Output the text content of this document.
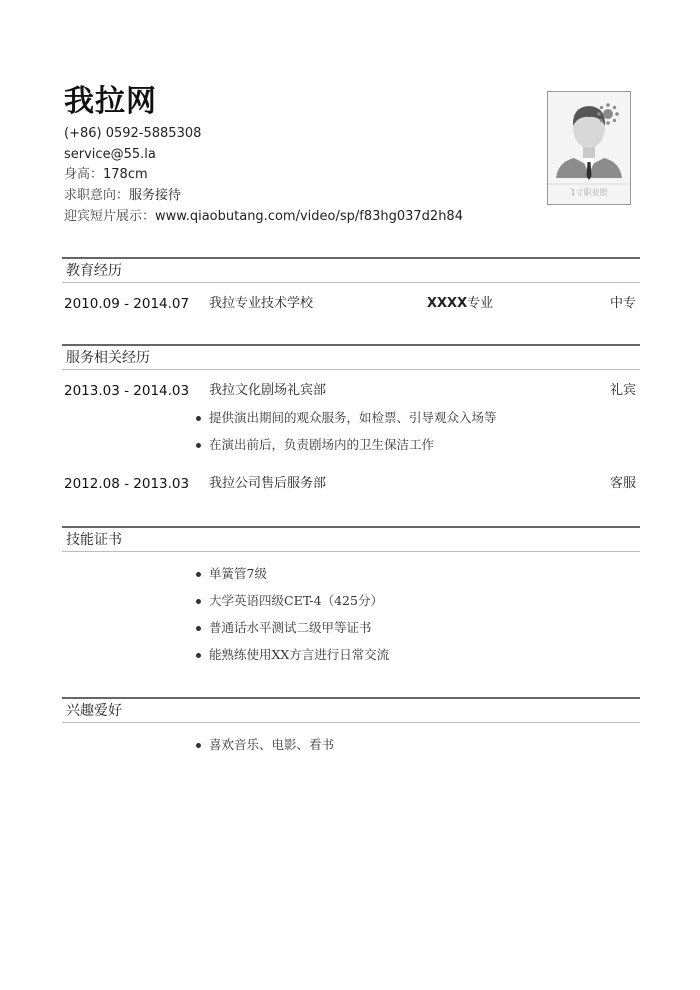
我拉网
(+86) 0592-5885308
service@55.la
身高：178cm
求职意向：服务接待
迎宾短片展示：www.qiaobutang.com/video/sp/f83hg037d2h84
1寸职业照
教育经历
2010.09 - 2014.07 我拉专业技术学校	XXXX专业	中专
服务相关经历
2013.03 - 2014.03 我拉文化剧场礼宾部	礼宾
提供演出期间的观众服务，如检票、引导观众入场等
在演出前后，负责剧场内的卫生保洁工作
2012.08 - 2013.03 我拉公司售后服务部	客服
技能证书
单簧管7级
大学英语四级CET-4（425分）
普通话水平测试二级甲等证书
能熟练使用XX方言进行日常交流
兴趣爱好
喜欢音乐、电影、看书
